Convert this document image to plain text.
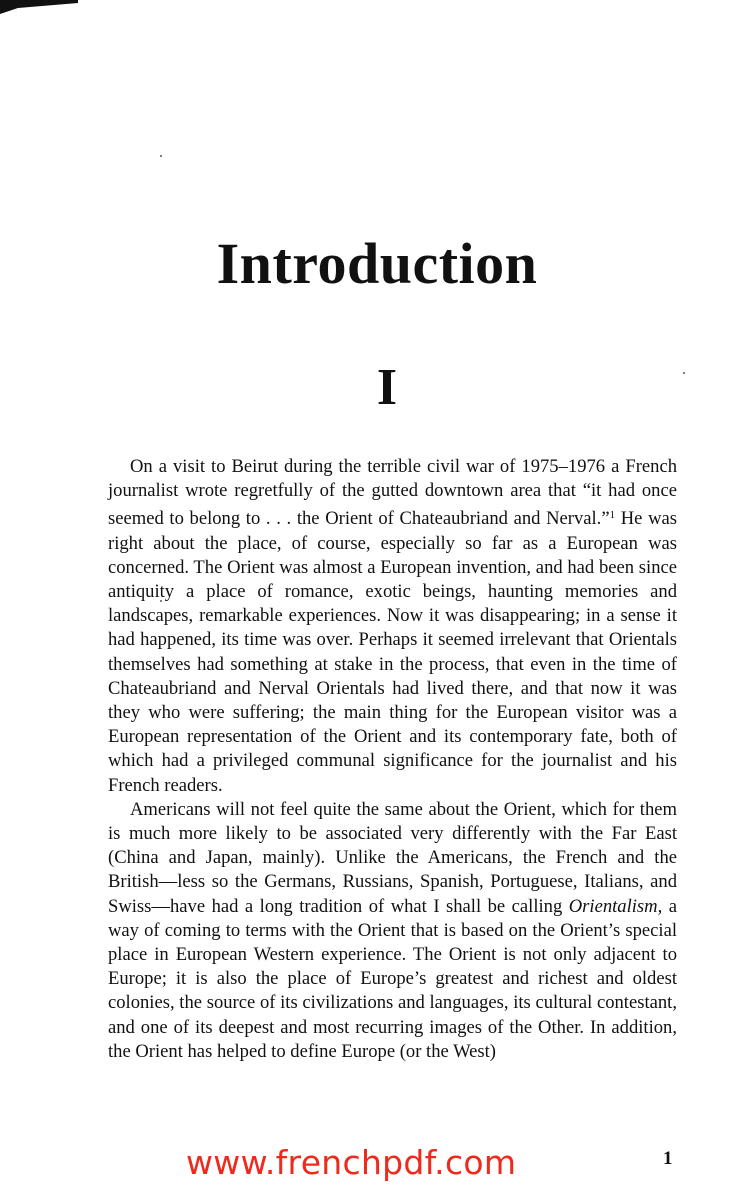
Introduction
I

On a visit to Beirut during the terrible civil war of 1975–1976 a French journalist wrote regretfully of the gutted downtown area that “it had once seemed to belong to . . . the Orient of Chateaubriand and Nerval.”$^1$ He was right about the place, of course, especially so far as a European was concerned. The Orient was almost a European invention, and had been since antiquity a place of romance, exotic beings, haunting memories and landscapes, remarkable experiences. Now it was disappearing; in a sense it had happened, its time was over. Perhaps it seemed irrelevant that Orientals themselves had something at stake in the process, that even in the time of Chateaubriand and Nerval Orientals had lived there, and that now it was they who were suffering; the main thing for the European visitor was a European representation of the Orient and its contemporary fate, both of which had a privileged communal significance for the journalist and his French readers.

Americans will not feel quite the same about the Orient, which for them is much more likely to be associated very differently with the Far East (China and Japan, mainly). Unlike the Americans, the French and the British—less so the Germans, Russians, Spanish, Portuguese, Italians, and Swiss—have had a long tradition of what I shall be calling Orientalism, a way of coming to terms with the Orient that is based on the Orient’s special place in European Western experience. The Orient is not only adjacent to Europe; it is also the place of Europe’s greatest and richest and oldest colonies, the source of its civilizations and languages, its cultural contestant, and one of its deepest and most recurring images of the Other. In addition, the Orient has helped to define Europe (or the West)

www.frenchpdf.com	1
